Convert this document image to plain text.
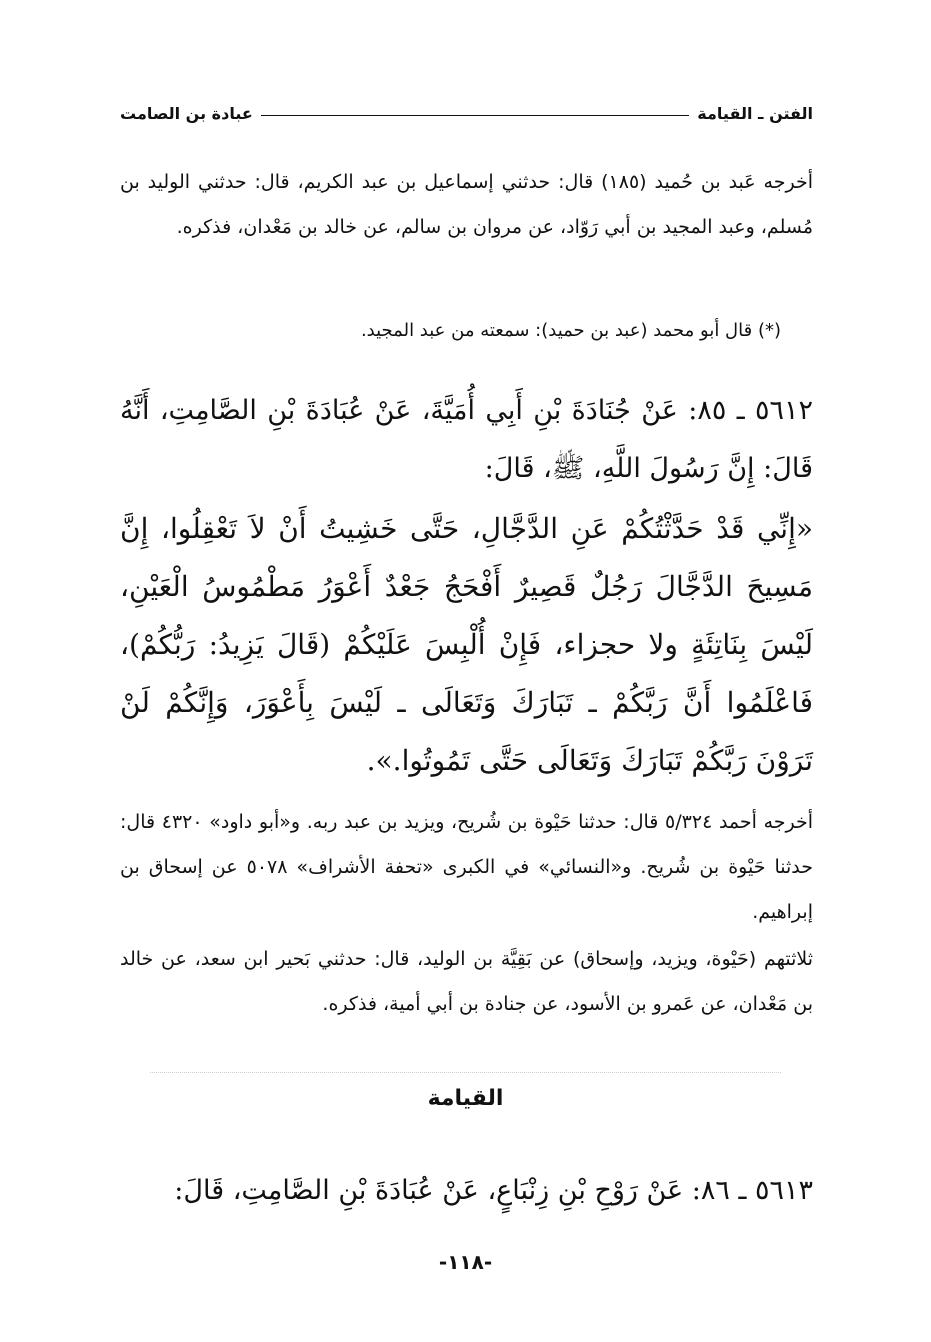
الفتن ـ القيامة
عبادة بن الصامت
أخرجه عَبد بن حُميد (١٨٥) قال: حدثني إسماعيل بن عبد الكريم، قال: حدثني الوليد بن مُسلم، وعبد المجيد بن أبي رَوّاد، عن مروان بن سالم، عن خالد بن مَعْدان، فذكره.
(*) قال أبو محمد (عبد بن حميد): سمعته من عبد المجيد.
٥٦١٢ ـ ٨٥: عَنْ جُنَادَةَ بْنِ أَبِي أُمَيَّةَ، عَنْ عُبَادَةَ بْنِ الصَّامِتِ، أَنَّهُ قَالَ: إِنَّ رَسُولَ اللَّهِ، ﷺ، قَالَ:
«إِنِّي قَدْ حَدَّثْتُكُمْ عَنِ الدَّجَّالِ، حَتَّى خَشِيتُ أَنْ لاَ تَعْقِلُوا، إِنَّ مَسِيحَ الدَّجَّالَ رَجُلٌ قَصِيرٌ أَفْحَجُ جَعْدٌ أَعْوَرُ مَطْمُوسُ الْعَيْنِ، لَيْسَ بِنَاتِئَةٍ ولا حجزاء، فَإِنْ أُلْبِسَ عَلَيْكُمْ (قَالَ يَزِيدُ: رَبُّكُمْ)، فَاعْلَمُوا أَنَّ رَبَّكُمْ ـ تَبَارَكَ وَتَعَالَى ـ لَيْسَ بِأَعْوَرَ، وَإِنَّكُمْ لَنْ تَرَوْنَ رَبَّكُمْ تَبَارَكَ وَتَعَالَى حَتَّى تَمُوتُوا.».
أخرجه أحمد ٥/٣٢٤ قال: حدثنا حَيْوة بن شُريح، ويزيد بن عبد ربه. و«أبو داود» ٤٣٢٠ قال: حدثنا حَيْوة بن شُريح. و«النسائي» في الكبرى «تحفة الأشراف» ٥٠٧٨ عن إسحاق بن إبراهيم.
ثلاثتهم (حَيْوة، ويزيد، وإسحاق) عن بَقِيَّة بن الوليد، قال: حدثني بَحير ابن سعد، عن خالد بن مَعْدان، عن عَمرو بن الأسود، عن جنادة بن أبي أمية، فذكره.
القيامة
٥٦١٣ ـ ٨٦: عَنْ رَوْحِ بْنِ زِنْبَاعٍ، عَنْ عُبَادَةَ بْنِ الصَّامِتِ، قَالَ:
-١١٨-
